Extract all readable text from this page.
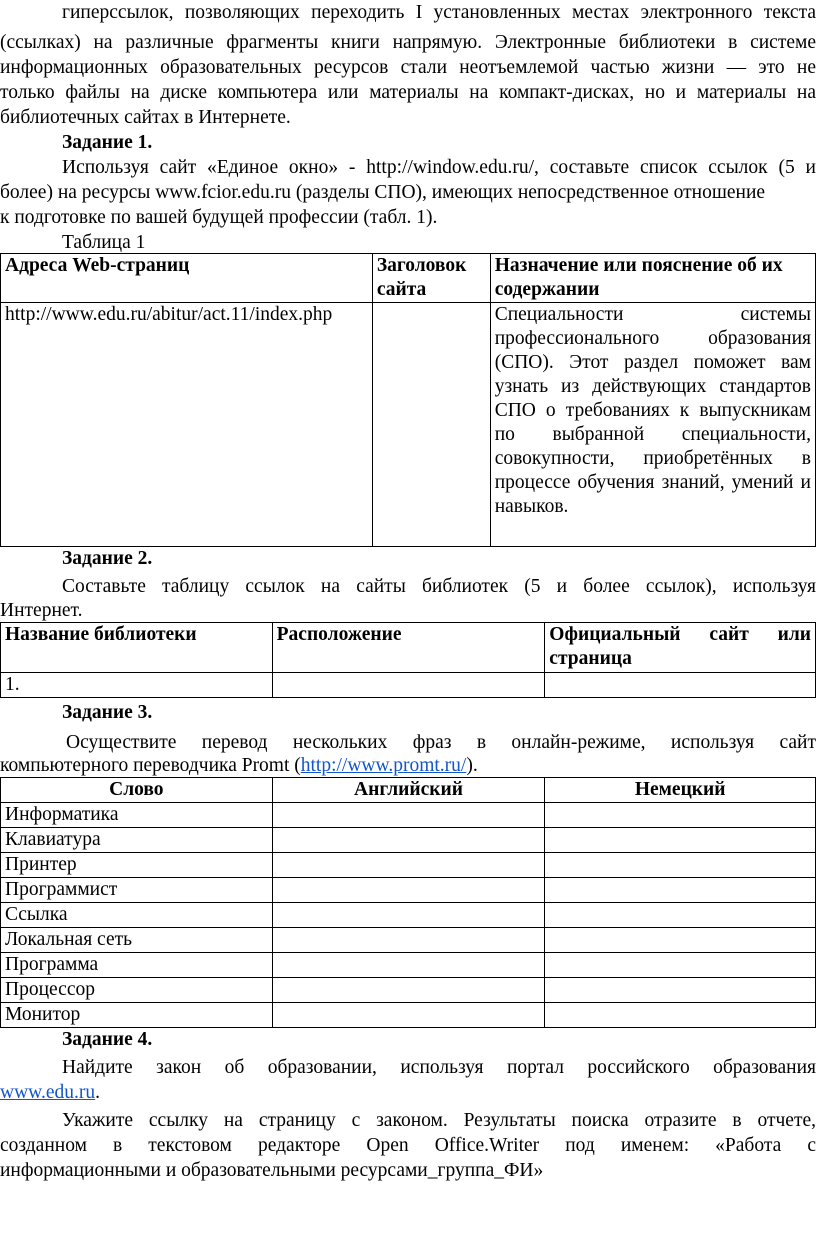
гиперссылок, позволяющих переходить I установленных местах электронного текста
(ссылках) на различные фрагменты книги напрямую. Электронные библиотеки в системе
информационных образовательных ресурсов стали неотъемлемой частью жизни — это не
только файлы на диске компьютера или материалы на компакт-дисках, но и материалы на
библиотечных сайтах в Интернете.
Задание 1.
Используя сайт «Единое окно» - http://window.edu.ru/, составьте список ссылок (5 и
более) на ресурсы www.fcior.edu.ru (разделы СПО), имеющих непосредственное отношение
к подготовке по вашей будущей профессии (табл. 1).
Таблица 1
Адреса Web-страниц	Заголовок сайта	Назначение или пояснение об их содержании
http://www.edu.ru/abitur/act.11/index.php		Специальности системы профессионального образования (СПО). Этот раздел поможет вам узнать из действующих стандартов СПО о требованиях к выпускникам по выбранной специальности, совокупности, приобретённых в процессе обучения знаний, умений и навыков.
Задание 2.
Составьте таблицу ссылок на сайты библиотек (5 и более ссылок), используя
Интернет.
Название библиотеки	Расположение	Официальный сайт или страница
1.		
Задание 3.
Осуществите перевод нескольких фраз в онлайн-режиме, используя сайт
компьютерного переводчика Promt (http://www.promt.ru/).
Слово	Английский	Немецкий
Информатика		
Клавиатура		
Принтер		
Программист		
Ссылка		
Локальная сеть		
Программа		
Процессор		
Монитор		
Задание 4.
Найдите закон об образовании, используя портал российского образования
www.edu.ru.
Укажите ссылку на страницу с законом. Результаты поиска отразите в отчете,
созданном в текстовом редакторе Open Office.Writer под именем: «Работа с
информационными и образовательными ресурсами_группа_ФИ»
